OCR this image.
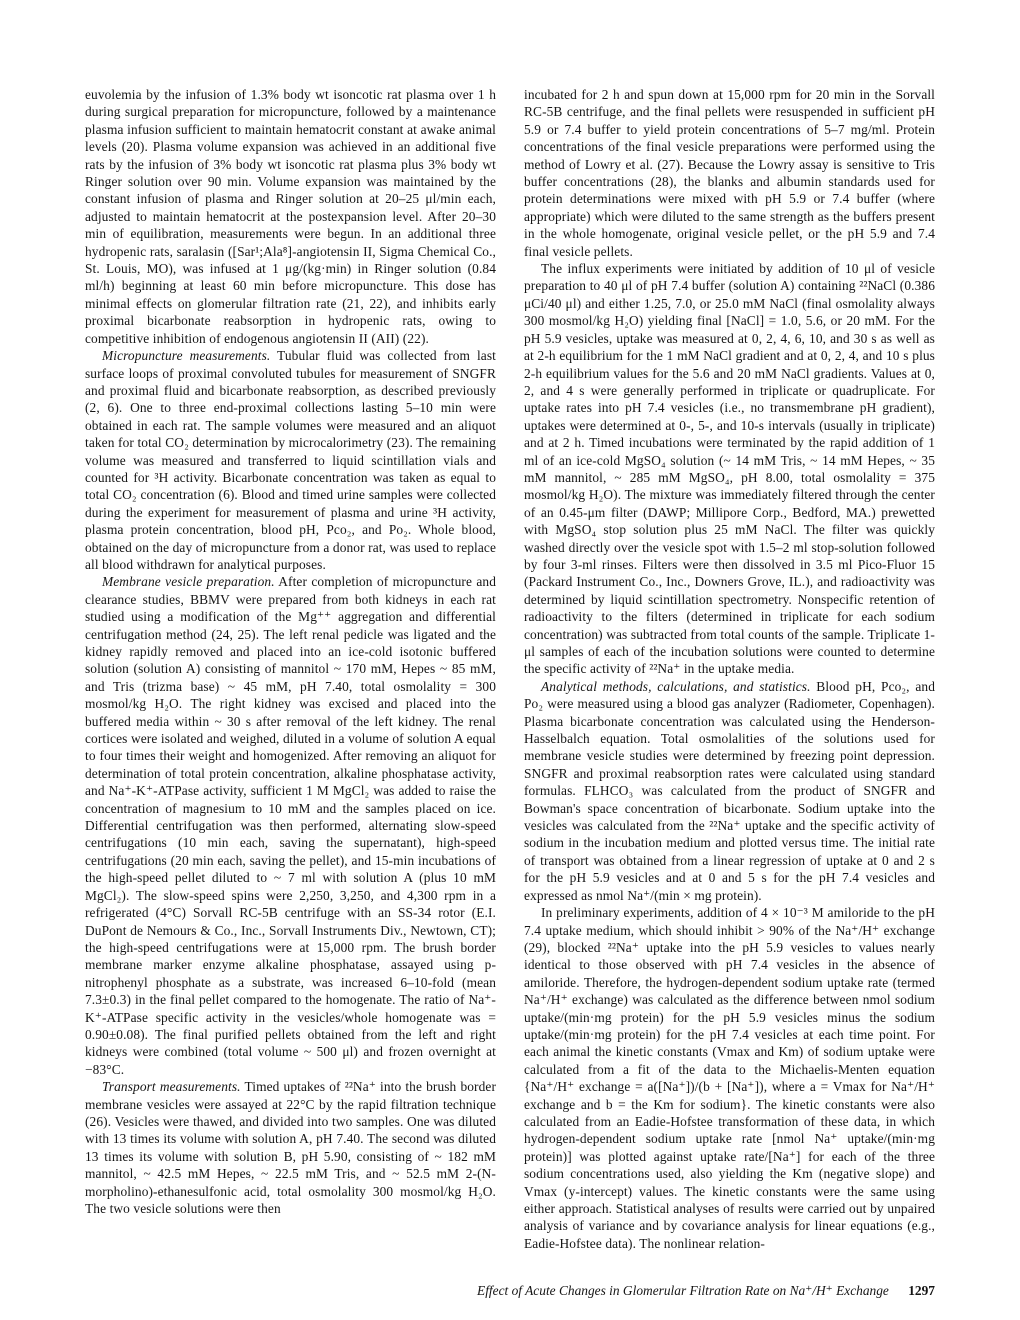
euvolemia by the infusion of 1.3% body wt isoncotic rat plasma over 1 h during surgical preparation for micropuncture, followed by a maintenance plasma infusion sufficient to maintain hematocrit constant at awake animal levels (20). Plasma volume expansion was achieved in an additional five rats by the infusion of 3% body wt isoncotic rat plasma plus 3% body wt Ringer solution over 90 min. Volume expansion was maintained by the constant infusion of plasma and Ringer solution at 20–25 μl/min each, adjusted to maintain hematocrit at the postexpansion level. After 20–30 min of equilibration, measurements were begun. In an additional three hydropenic rats, saralasin ([Sar¹;Ala⁸]-angiotensin II, Sigma Chemical Co., St. Louis, MO), was infused at 1 μg/(kg·min) in Ringer solution (0.84 ml/h) beginning at least 60 min before micropuncture. This dose has minimal effects on glomerular filtration rate (21, 22), and inhibits early proximal bicarbonate reabsorption in hydropenic rats, owing to competitive inhibition of endogenous angiotensin II (AII) (22).

Micropuncture measurements. Tubular fluid was collected from last surface loops of proximal convoluted tubules for measurement of SNGFR and proximal fluid and bicarbonate reabsorption, as described previously (2, 6). One to three end-proximal collections lasting 5–10 min were obtained in each rat. The sample volumes were measured and an aliquot taken for total CO₂ determination by microcalorimetry (23). The remaining volume was measured and transferred to liquid scintillation vials and counted for ³H activity. Bicarbonate concentration was taken as equal to total CO₂ concentration (6). Blood and timed urine samples were collected during the experiment for measurement of plasma and urine ³H activity, plasma protein concentration, blood pH, Pco₂, and Po₂. Whole blood, obtained on the day of micropuncture from a donor rat, was used to replace all blood withdrawn for analytical purposes.

Membrane vesicle preparation. After completion of micropuncture and clearance studies, BBMV were prepared from both kidneys in each rat studied using a modification of the Mg⁺⁺ aggregation and differential centrifugation method (24, 25). The left renal pedicle was ligated and the kidney rapidly removed and placed into an ice-cold isotonic buffered solution (solution A) consisting of mannitol ~ 170 mM, Hepes ~ 85 mM, and Tris (trizma base) ~ 45 mM, pH 7.40, total osmolality = 300 mosmol/kg H₂O. The right kidney was excised and placed into the buffered media within ~ 30 s after removal of the left kidney. The renal cortices were isolated and weighed, diluted in a volume of solution A equal to four times their weight and homogenized. After removing an aliquot for determination of total protein concentration, alkaline phosphatase activity, and Na⁺-K⁺-ATPase activity, sufficient 1 M MgCl₂ was added to raise the concentration of magnesium to 10 mM and the samples placed on ice. Differential centrifugation was then performed, alternating slow-speed centrifugations (10 min each, saving the supernatant), high-speed centrifugations (20 min each, saving the pellet), and 15-min incubations of the high-speed pellet diluted to ~ 7 ml with solution A (plus 10 mM MgCl₂). The slow-speed spins were 2,250, 3,250, and 4,300 rpm in a refrigerated (4°C) Sorvall RC-5B centrifuge with an SS-34 rotor (E.I. DuPont de Nemours & Co., Inc., Sorvall Instruments Div., Newtown, CT); the high-speed centrifugations were at 15,000 rpm. The brush border membrane marker enzyme alkaline phosphatase, assayed using p-nitrophenyl phosphate as a substrate, was increased 6–10-fold (mean 7.3±0.3) in the final pellet compared to the homogenate. The ratio of Na⁺-K⁺-ATPase specific activity in the vesicles/whole homogenate was = 0.90±0.08). The final purified pellets obtained from the left and right kidneys were combined (total volume ~ 500 μl) and frozen overnight at −83°C.

Transport measurements. Timed uptakes of ²²Na⁺ into the brush border membrane vesicles were assayed at 22°C by the rapid filtration technique (26). Vesicles were thawed, and divided into two samples. One was diluted with 13 times its volume with solution A, pH 7.40. The second was diluted 13 times its volume with solution B, pH 5.90, consisting of ~ 182 mM mannitol, ~ 42.5 mM Hepes, ~ 22.5 mM Tris, and ~ 52.5 mM 2-(N-morpholino)-ethanesulfonic acid, total osmolality 300 mosmol/kg H₂O. The two vesicle solutions were then

incubated for 2 h and spun down at 15,000 rpm for 20 min in the Sorvall RC-5B centrifuge, and the final pellets were resuspended in sufficient pH 5.9 or 7.4 buffer to yield protein concentrations of 5–7 mg/ml. Protein concentrations of the final vesicle preparations were performed using the method of Lowry et al. (27). Because the Lowry assay is sensitive to Tris buffer concentrations (28), the blanks and albumin standards used for protein determinations were mixed with pH 5.9 or 7.4 buffer (where appropriate) which were diluted to the same strength as the buffers present in the whole homogenate, original vesicle pellet, or the pH 5.9 and 7.4 final vesicle pellets.

The influx experiments were initiated by addition of 10 μl of vesicle preparation to 40 μl of pH 7.4 buffer (solution A) containing ²²NaCl (0.386 μCi/40 μl) and either 1.25, 7.0, or 25.0 mM NaCl (final osmolality always 300 mosmol/kg H₂O) yielding final [NaCl] = 1.0, 5.6, or 20 mM. For the pH 5.9 vesicles, uptake was measured at 0, 2, 4, 6, 10, and 30 s as well as at 2-h equilibrium for the 1 mM NaCl gradient and at 0, 2, 4, and 10 s plus 2-h equilibrium values for the 5.6 and 20 mM NaCl gradients. Values at 0, 2, and 4 s were generally performed in triplicate or quadruplicate. For uptake rates into pH 7.4 vesicles (i.e., no transmembrane pH gradient), uptakes were determined at 0-, 5-, and 10-s intervals (usually in triplicate) and at 2 h. Timed incubations were terminated by the rapid addition of 1 ml of an ice-cold MgSO₄ solution (~ 14 mM Tris, ~ 14 mM Hepes, ~ 35 mM mannitol, ~ 285 mM MgSO₄, pH 8.00, total osmolality = 375 mosmol/kg H₂O). The mixture was immediately filtered through the center of an 0.45-μm filter (DAWP; Millipore Corp., Bedford, MA.) prewetted with MgSO₄ stop solution plus 25 mM NaCl. The filter was quickly washed directly over the vesicle spot with 1.5–2 ml stop-solution followed by four 3-ml rinses. Filters were then dissolved in 3.5 ml Pico-Fluor 15 (Packard Instrument Co., Inc., Downers Grove, IL.), and radioactivity was determined by liquid scintillation spectrometry. Nonspecific retention of radioactivity to the filters (determined in triplicate for each sodium concentration) was subtracted from total counts of the sample. Triplicate 1-μl samples of each of the incubation solutions were counted to determine the specific activity of ²²Na⁺ in the uptake media.

Analytical methods, calculations, and statistics. Blood pH, Pco₂, and Po₂ were measured using a blood gas analyzer (Radiometer, Copenhagen). Plasma bicarbonate concentration was calculated using the Henderson-Hasselbalch equation. Total osmolalities of the solutions used for membrane vesicle studies were determined by freezing point depression. SNGFR and proximal reabsorption rates were calculated using standard formulas. FLHCO₃ was calculated from the product of SNGFR and Bowman's space concentration of bicarbonate. Sodium uptake into the vesicles was calculated from the ²²Na⁺ uptake and the specific activity of sodium in the incubation medium and plotted versus time. The initial rate of transport was obtained from a linear regression of uptake at 0 and 2 s for the pH 5.9 vesicles and at 0 and 5 s for the pH 7.4 vesicles and expressed as nmol Na⁺/(min × mg protein).

In preliminary experiments, addition of 4 × 10⁻³ M amiloride to the pH 7.4 uptake medium, which should inhibit > 90% of the Na⁺/H⁺ exchange (29), blocked ²²Na⁺ uptake into the pH 5.9 vesicles to values nearly identical to those observed with pH 7.4 vesicles in the absence of amiloride. Therefore, the hydrogen-dependent sodium uptake rate (termed Na⁺/H⁺ exchange) was calculated as the difference between nmol sodium uptake/(min·mg protein) for the pH 5.9 vesicles minus the sodium uptake/(min·mg protein) for the pH 7.4 vesicles at each time point. For each animal the kinetic constants (Vmax and Km) of sodium uptake were calculated from a fit of the data to the Michaelis-Menten equation {Na⁺/H⁺ exchange = a([Na⁺])/(b + [Na⁺]), where a = Vmax for Na⁺/H⁺ exchange and b = the Km for sodium}. The kinetic constants were also calculated from an Eadie-Hofstee transformation of these data, in which hydrogen-dependent sodium uptake rate [nmol Na⁺ uptake/(min·mg protein)] was plotted against uptake rate/[Na⁺] for each of the three sodium concentrations used, also yielding the Km (negative slope) and Vmax (y-intercept) values. The kinetic constants were the same using either approach. Statistical analyses of results were carried out by unpaired analysis of variance and by covariance analysis for linear equations (e.g., Eadie-Hofstee data). The nonlinear relation-

Effect of Acute Changes in Glomerular Filtration Rate on Na⁺/H⁺ Exchange 1297
